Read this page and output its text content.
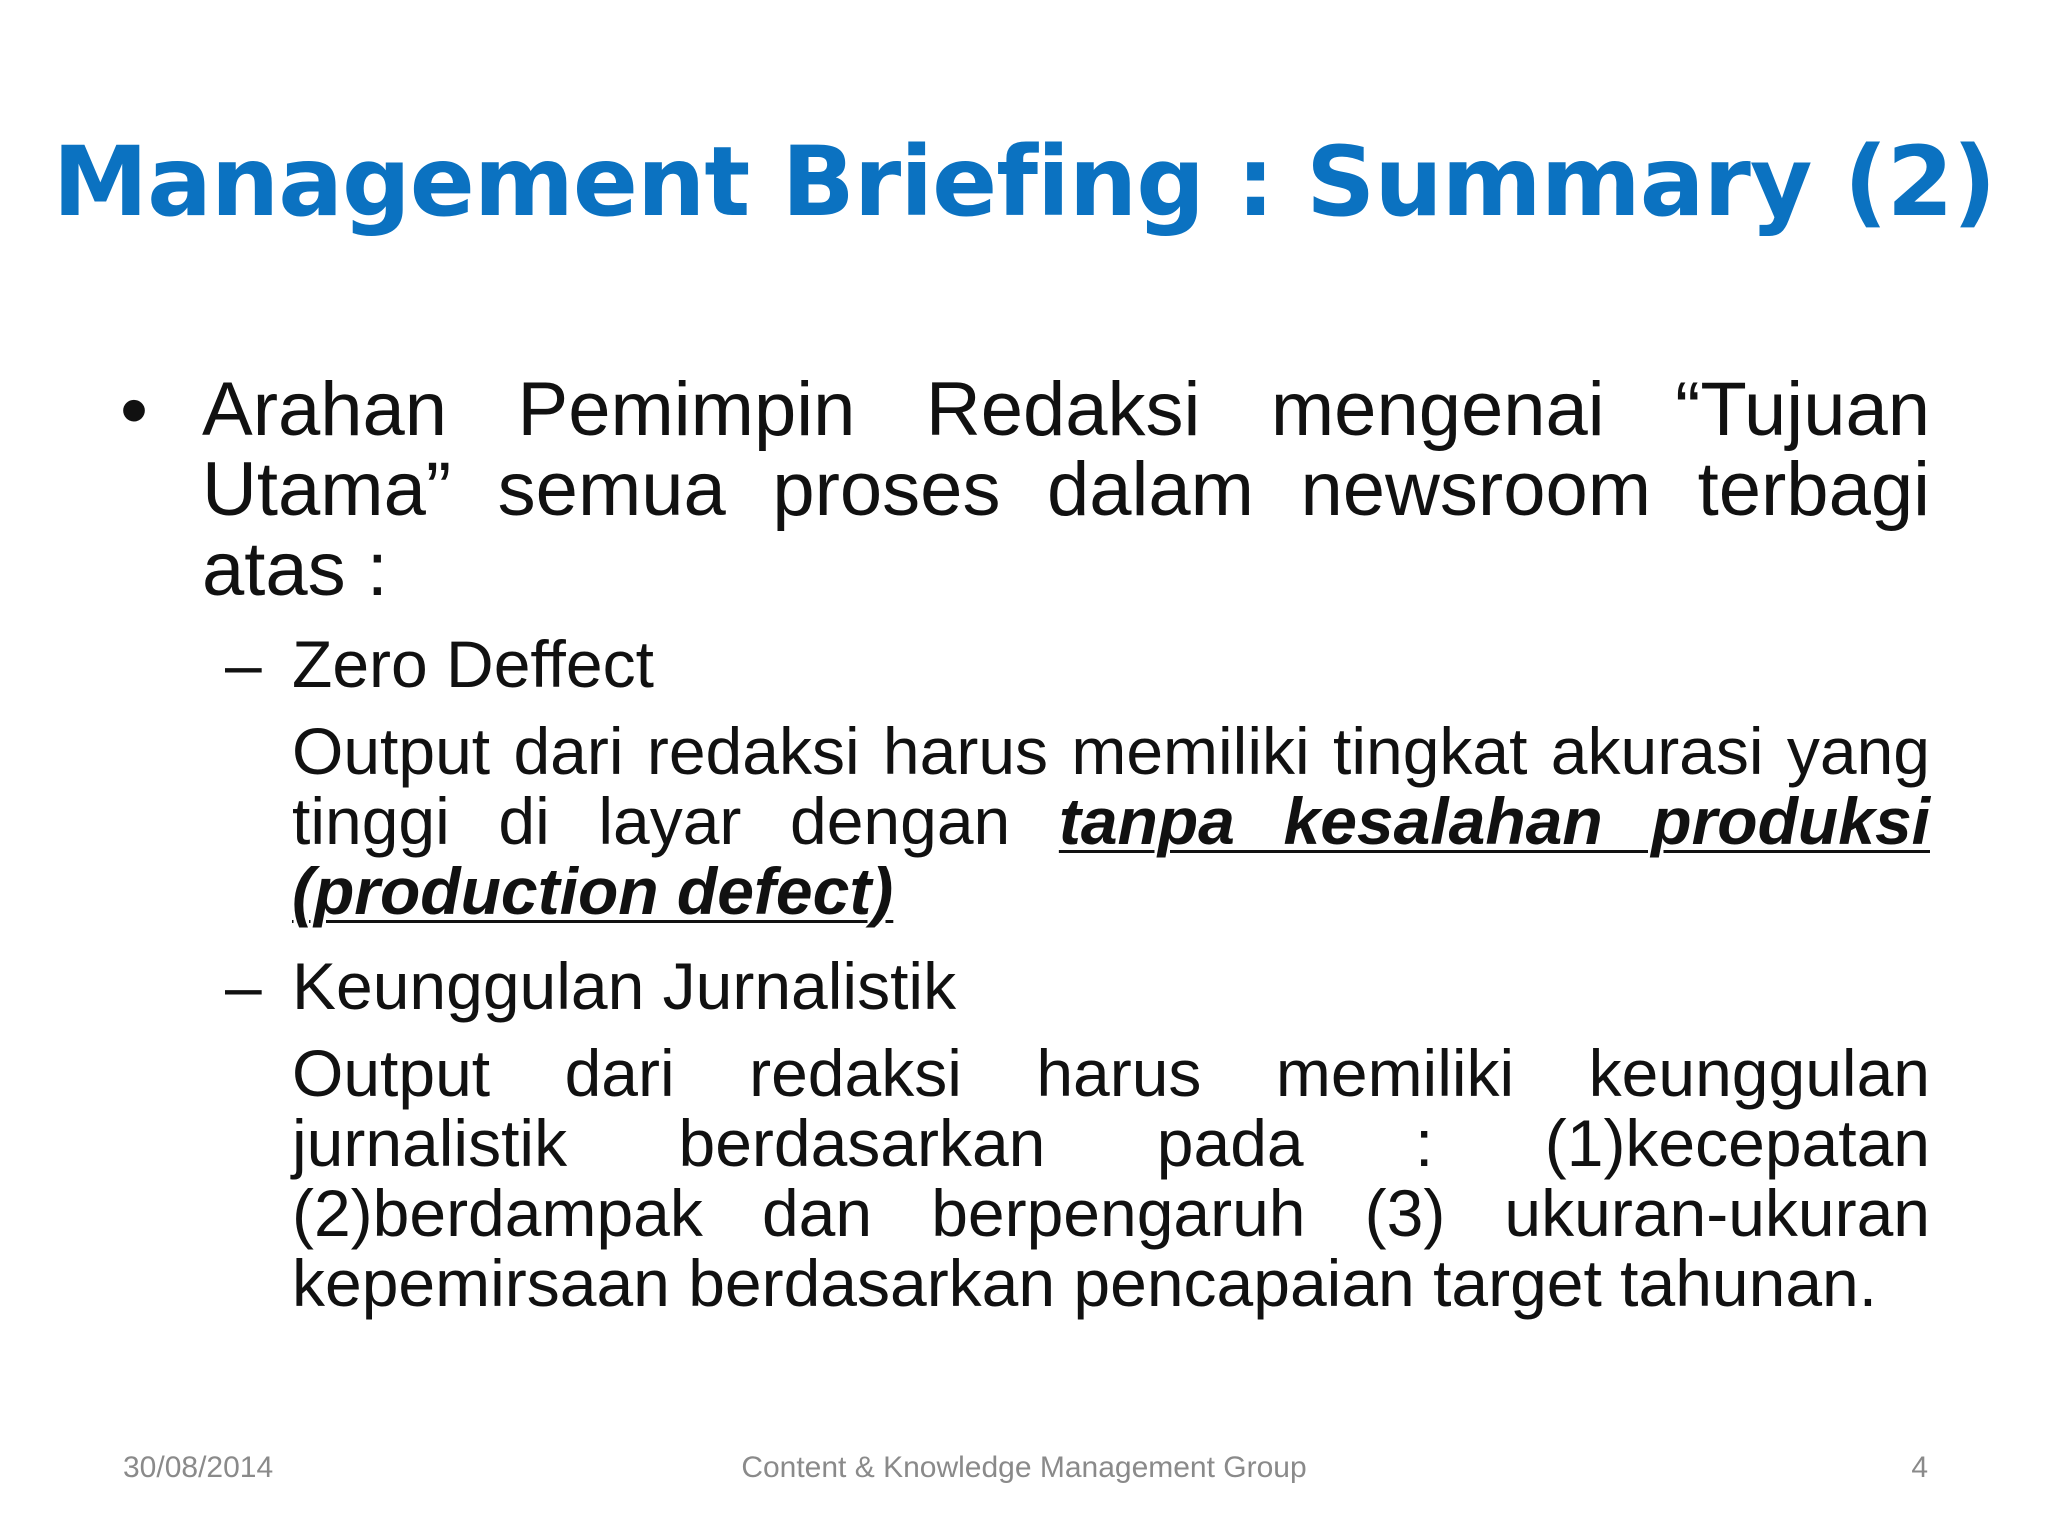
Management Briefing : Summary (2)
• Arahan Pemimpin Redaksi mengenai “Tujuan Utama” semua proses dalam newsroom terbagi atas :
– Zero Deffect
Output dari redaksi harus memiliki tingkat akurasi yang tinggi di layar dengan tanpa kesalahan produksi (production defect)
– Keunggulan Jurnalistik
Output dari redaksi harus memiliki keunggulan jurnalistik berdasarkan pada : (1)kecepatan (2)berdampak dan berpengaruh (3) ukuran-ukuran kepemirsaan berdasarkan pencapaian target tahunan.
30/08/2014	Content & Knowledge Management Group	4
